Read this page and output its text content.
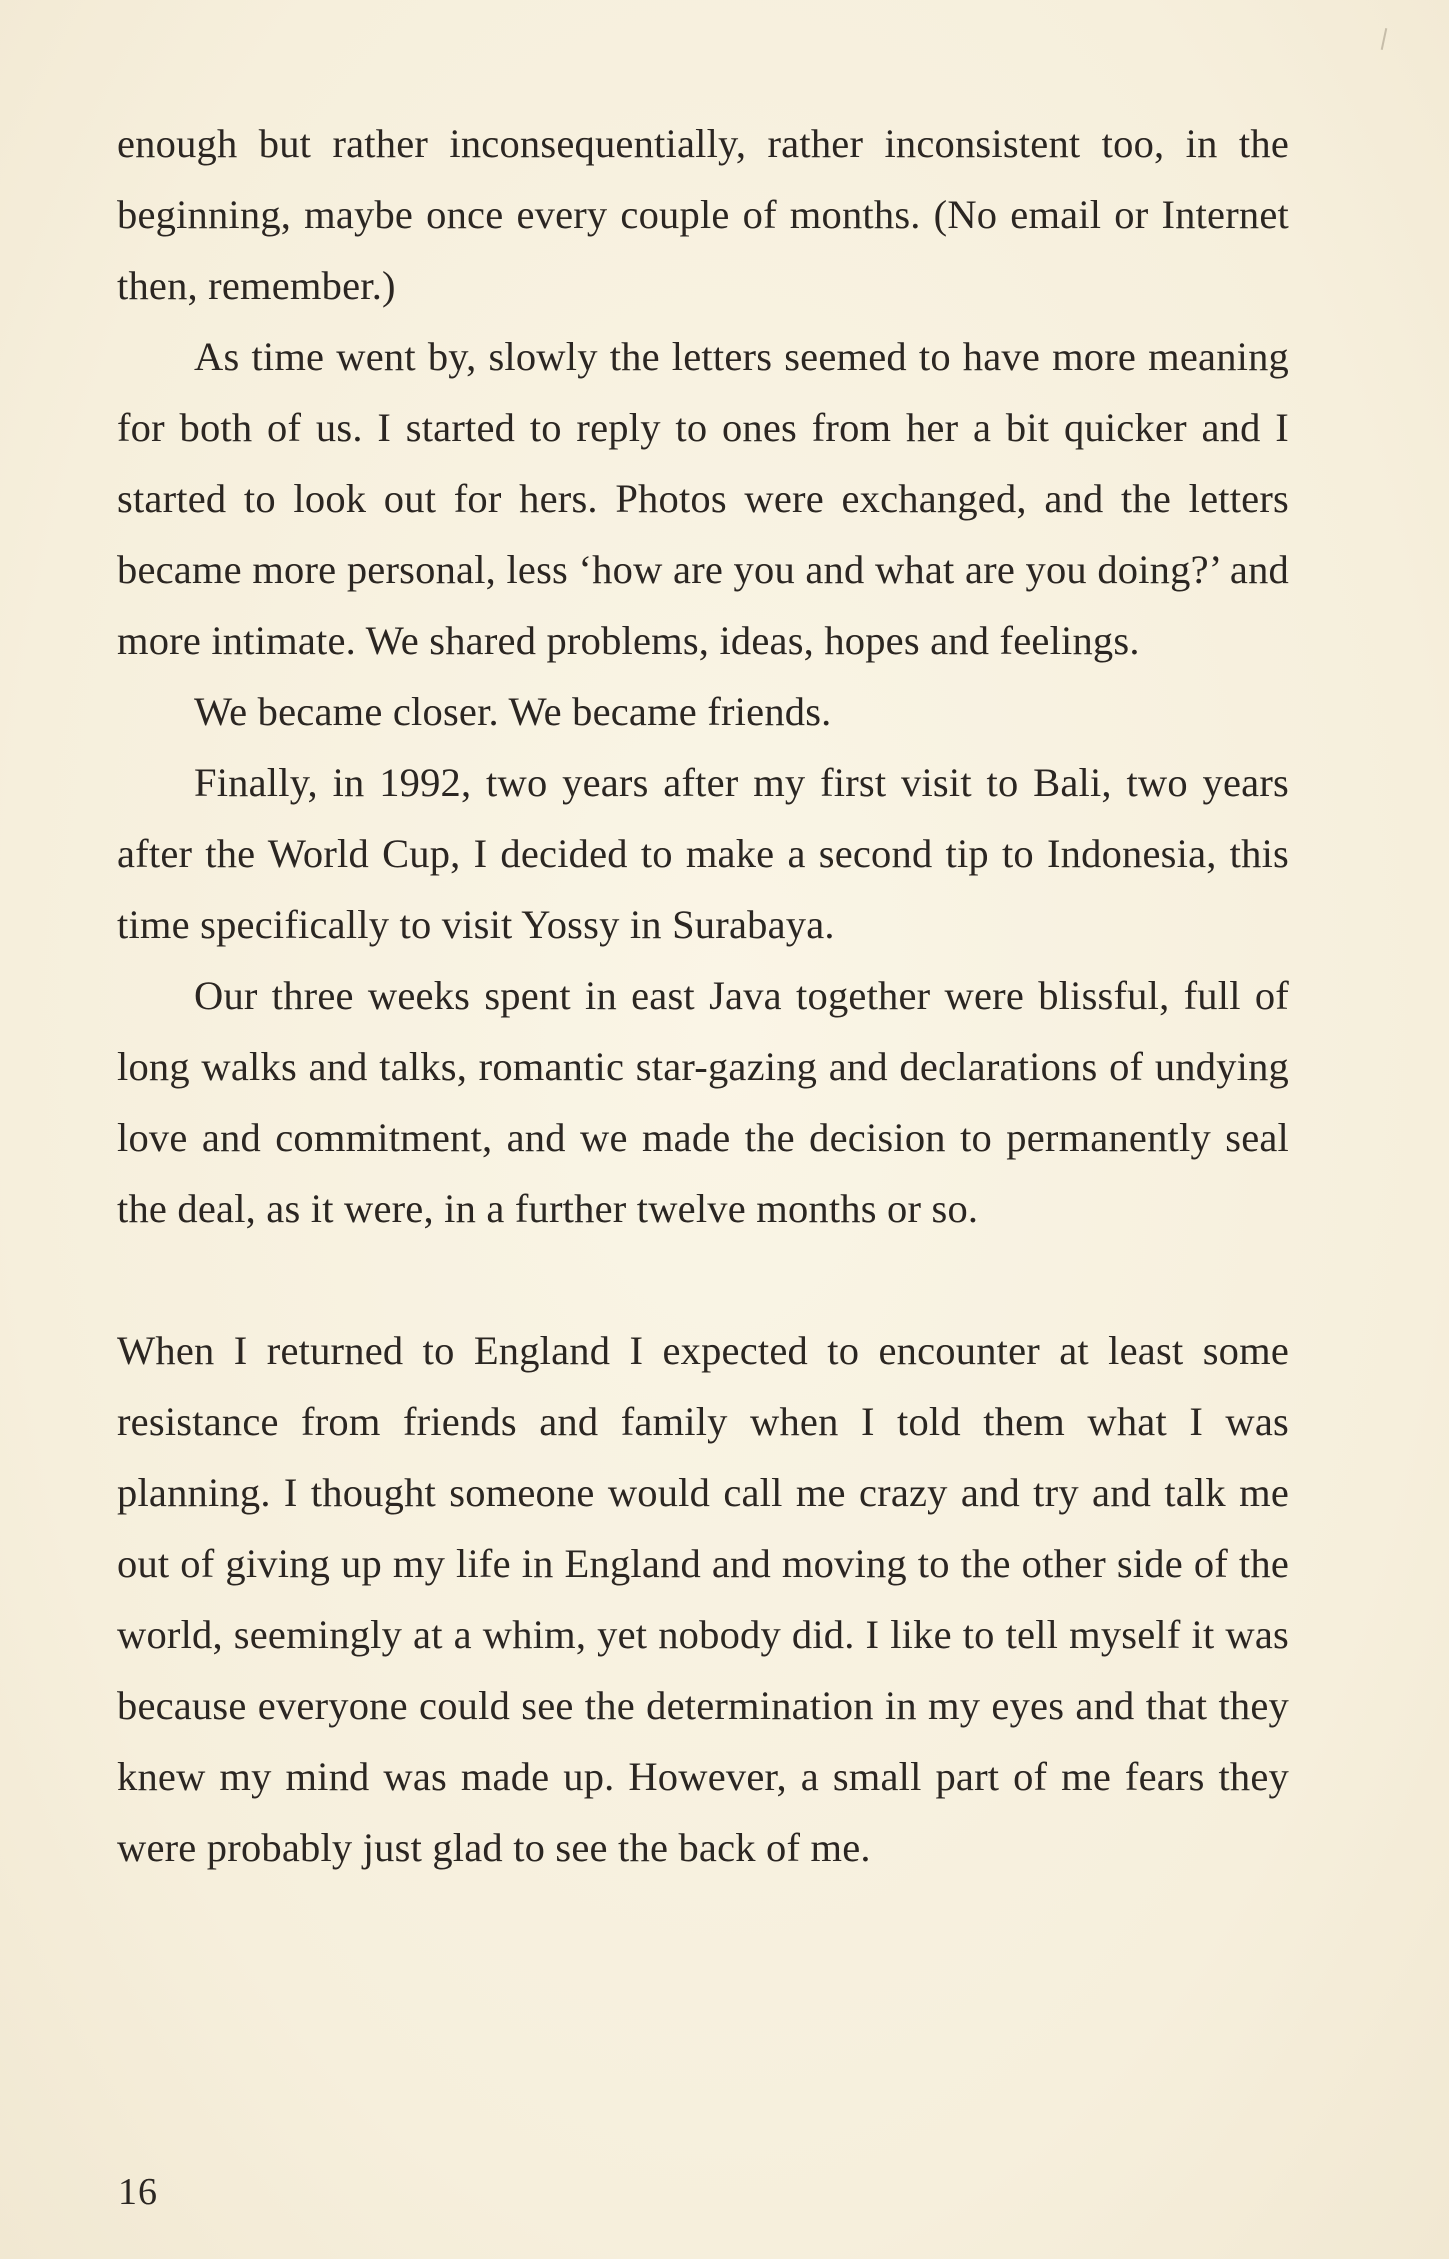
enough but rather inconsequentially, rather inconsistent too, in the beginning, maybe once every couple of months. (No email or Internet then, remember.)

As time went by, slowly the letters seemed to have more meaning for both of us. I started to reply to ones from her a bit quicker and I started to look out for hers. Photos were exchanged, and the letters became more personal, less ‘how are you and what are you doing?’ and more intimate. We shared problems, ideas, hopes and feelings.

We became closer. We became friends.

Finally, in 1992, two years after my first visit to Bali, two years after the World Cup, I decided to make a second tip to Indonesia, this time specifically to visit Yossy in Surabaya.

Our three weeks spent in east Java together were blissful, full of long walks and talks, romantic star-gazing and declarations of undying love and commitment, and we made the decision to permanently seal the deal, as it were, in a further twelve months or so.

When I returned to England I expected to encounter at least some resistance from friends and family when I told them what I was planning. I thought someone would call me crazy and try and talk me out of giving up my life in England and moving to the other side of the world, seemingly at a whim, yet nobody did. I like to tell myself it was because everyone could see the determination in my eyes and that they knew my mind was made up. However, a small part of me fears they were probably just glad to see the back of me.

16
